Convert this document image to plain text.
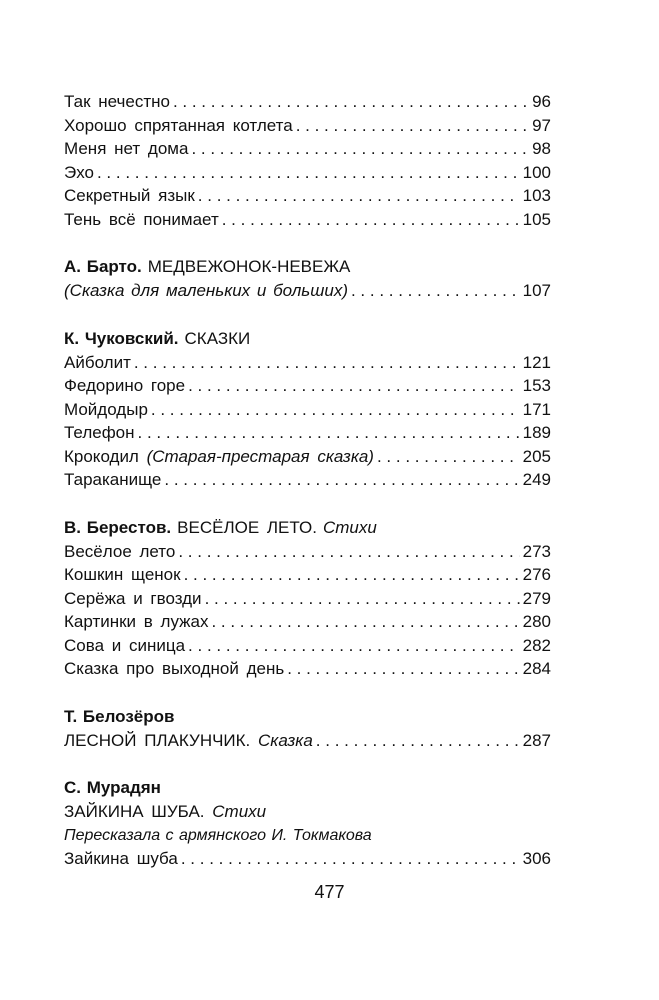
Так нечестно . . .	96
Хорошо спрятанная котлета . . .	97
Меня нет дома . . .	98
Эхо . . .	100
Секретный язык . . .	103
Тень всё понимает . . .	105
А. Барто. МЕДВЕЖОНОК-НЕВЕЖА
(Сказка для маленьких и больших) . . .	107
К. Чуковский. СКАЗКИ
Айболит . . .	121
Федорино горе . . .	153
Мойдодыр . . .	171
Телефон . . .	189
Крокодил (Старая-престарая сказка) . . .	205
Тараканище . . .	249
В. Берестов. ВЕСЁЛОЕ ЛЕТО. Стихи
Весёлое лето . . .	273
Кошкин щенок . . .	276
Серёжа и гвозди . . .	279
Картинки в лужах . . .	280
Сова и синица . . .	282
Сказка про выходной день . . .	284
Т. Белозёров
ЛЕСНОЙ ПЛАКУНЧИК. Сказка . . .	287
С. Мурадян
ЗАЙКИНА ШУБА. Стихи
Пересказала с армянского И. Токмакова
Зайкина шуба . . .	306
477
